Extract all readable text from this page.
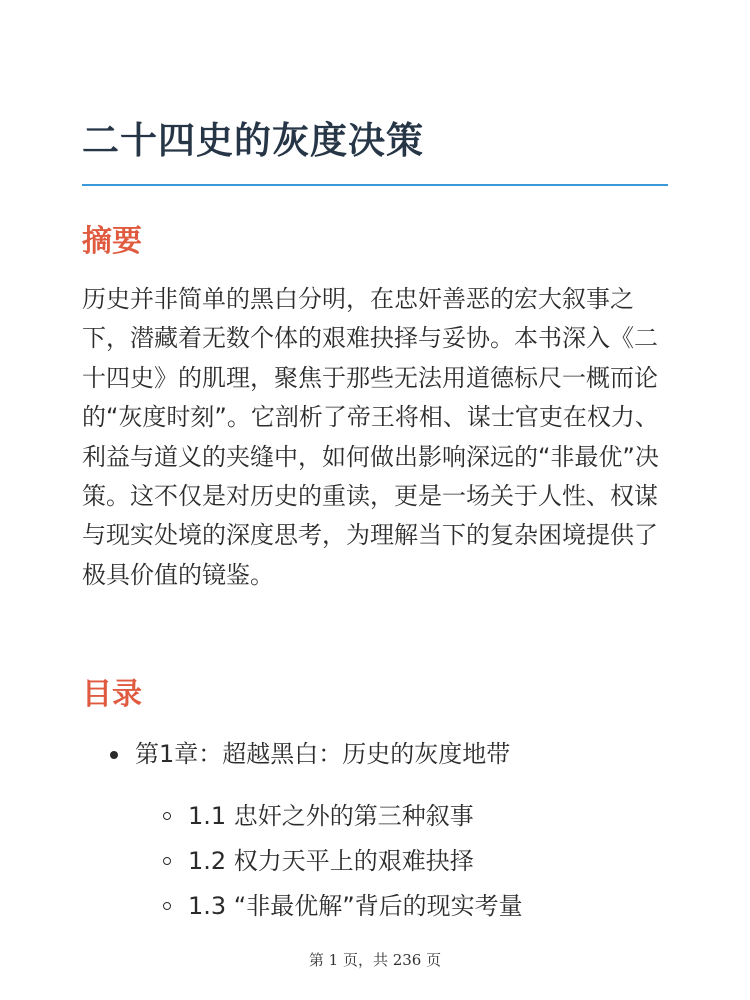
二十四史的灰度决策
摘要

历史并非简单的黑白分明，在忠奸善恶的宏大叙事之下，潜藏着无数个体的艰难抉择与妥协。本书深入《二十四史》的肌理，聚焦于那些无法用道德标尺一概而论的“灰度时刻”。它剖析了帝王将相、谋士官吏在权力、利益与道义的夹缝中，如何做出影响深远的“非最优”决策。这不仅是对历史的重读，更是一场关于人性、权谋与现实处境的深度思考，为理解当下的复杂困境提供了极具价值的镜鉴。

目录
第1章：超越黑白：历史的灰度地带
1.1 忠奸之外的第三种叙事
1.2 权力天平上的艰难抉择
1.3 “非最优解”背后的现实考量
第 1 页，共 236 页
